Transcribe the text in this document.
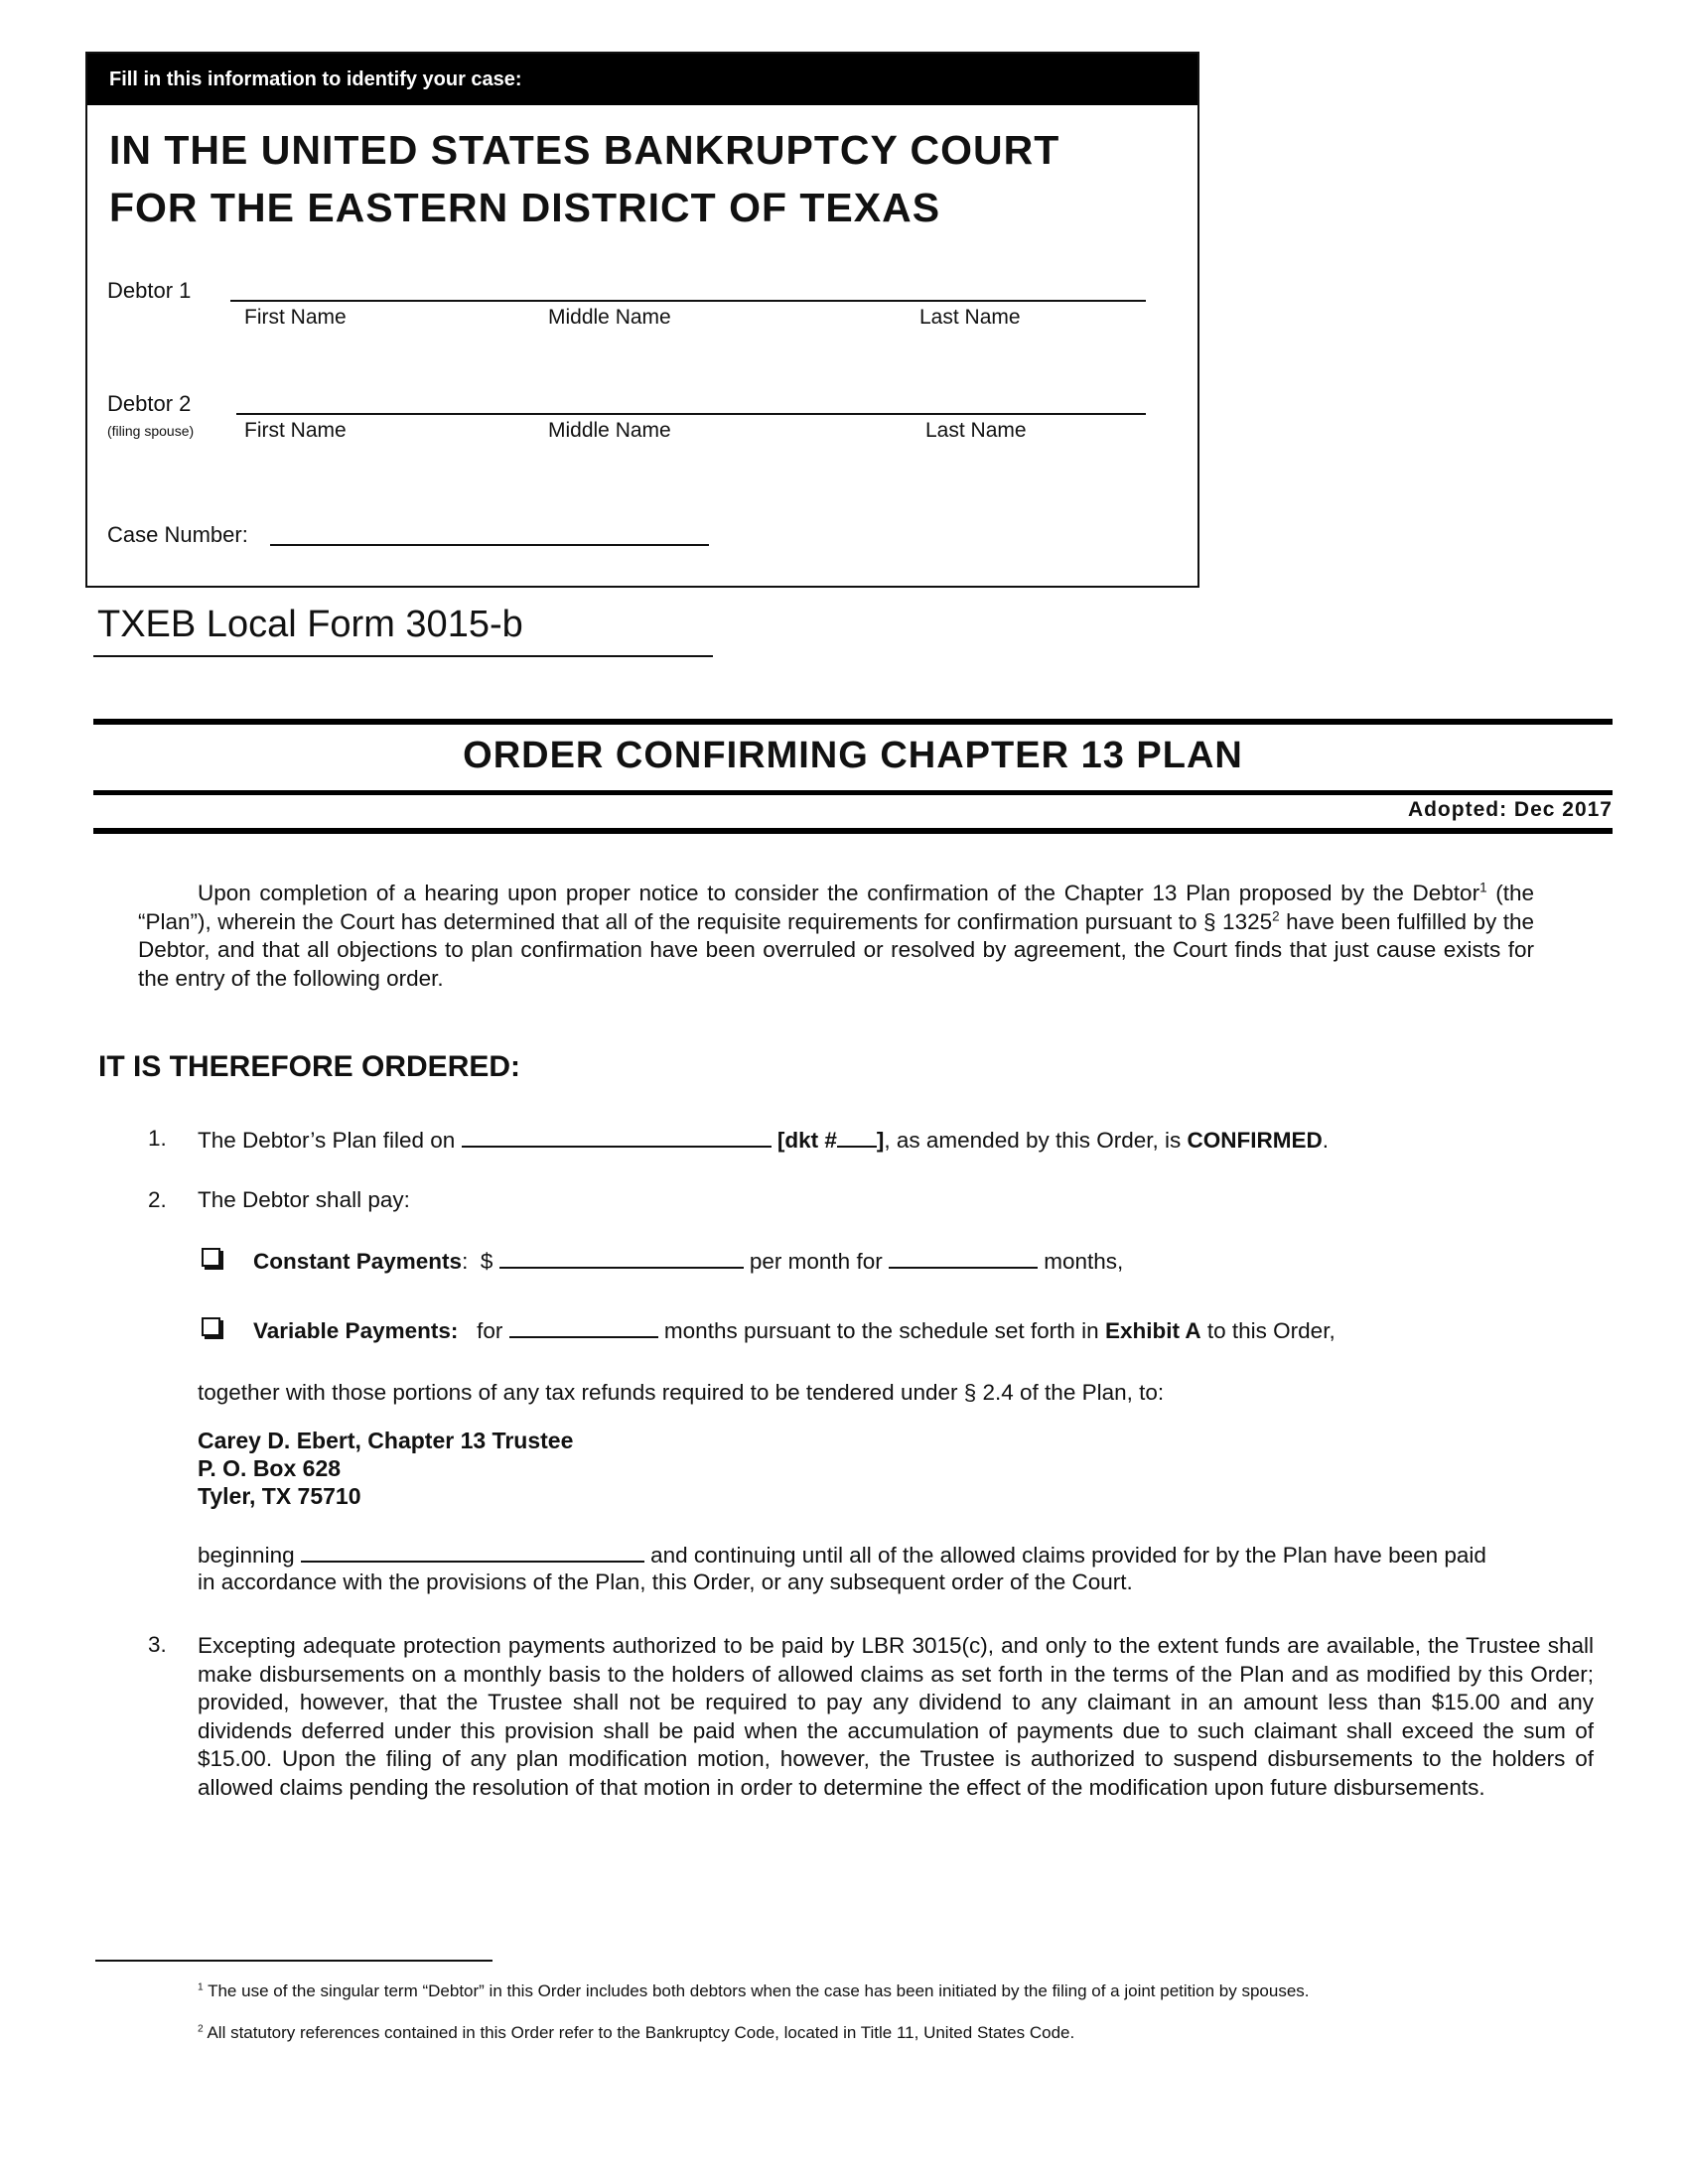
Fill in this information to identify your case:
IN THE UNITED STATES BANKRUPTCY COURT
FOR THE EASTERN DISTRICT OF TEXAS
Debtor 1
First Name	Middle Name	Last Name
Debtor 2
(filing spouse) First Name	Middle Name	Last Name
Case Number:
TXEB Local Form 3015-b
ORDER CONFIRMING CHAPTER 13 PLAN
Adopted: Dec 2017
Upon completion of a hearing upon proper notice to consider the confirmation of the Chapter 13 Plan proposed by the Debtor$^1$ (the “Plan”), wherein the Court has determined that all of the requisite requirements for confirmation pursuant to § 1325$^2$ have been fulfilled by the Debtor, and that all objections to plan confirmation have been overruled or resolved by agreement, the Court finds that just cause exists for the entry of the following order.
IT IS THEREFORE ORDERED:
1. The Debtor’s Plan filed on	[dkt # ], as amended by this Order, is CONFIRMED.
2. The Debtor shall pay:
Constant Payments: $	per month for	months,
Variable Payments: for	months pursuant to the schedule set forth in Exhibit A to this Order,
together with those portions of any tax refunds required to be tendered under § 2.4 of the Plan, to:
Carey D. Ebert, Chapter 13 Trustee
P. O. Box 628
Tyler, TX 75710
beginning	and continuing until all of the allowed claims provided for by the Plan have been paid
in accordance with the provisions of the Plan, this Order, or any subsequent order of the Court.
3. Excepting adequate protection payments authorized to be paid by LBR 3015(c), and only to the extent funds are available, the Trustee shall make disbursements on a monthly basis to the holders of allowed claims as set forth in the terms of the Plan and as modified by this Order; provided, however, that the Trustee shall not be required to pay any dividend to any claimant in an amount less than $15.00 and any dividends deferred under this provision shall be paid when the accumulation of payments due to such claimant shall exceed the sum of $15.00. Upon the filing of any plan modification motion, however, the Trustee is authorized to suspend disbursements to the holders of allowed claims pending the resolution of that motion in order to determine the effect of the modification upon future disbursements.
$^1$ The use of the singular term “Debtor” in this Order includes both debtors when the case has been initiated by the filing of a joint petition by spouses.
$^2$ All statutory references contained in this Order refer to the Bankruptcy Code, located in Title 11, United States Code.
